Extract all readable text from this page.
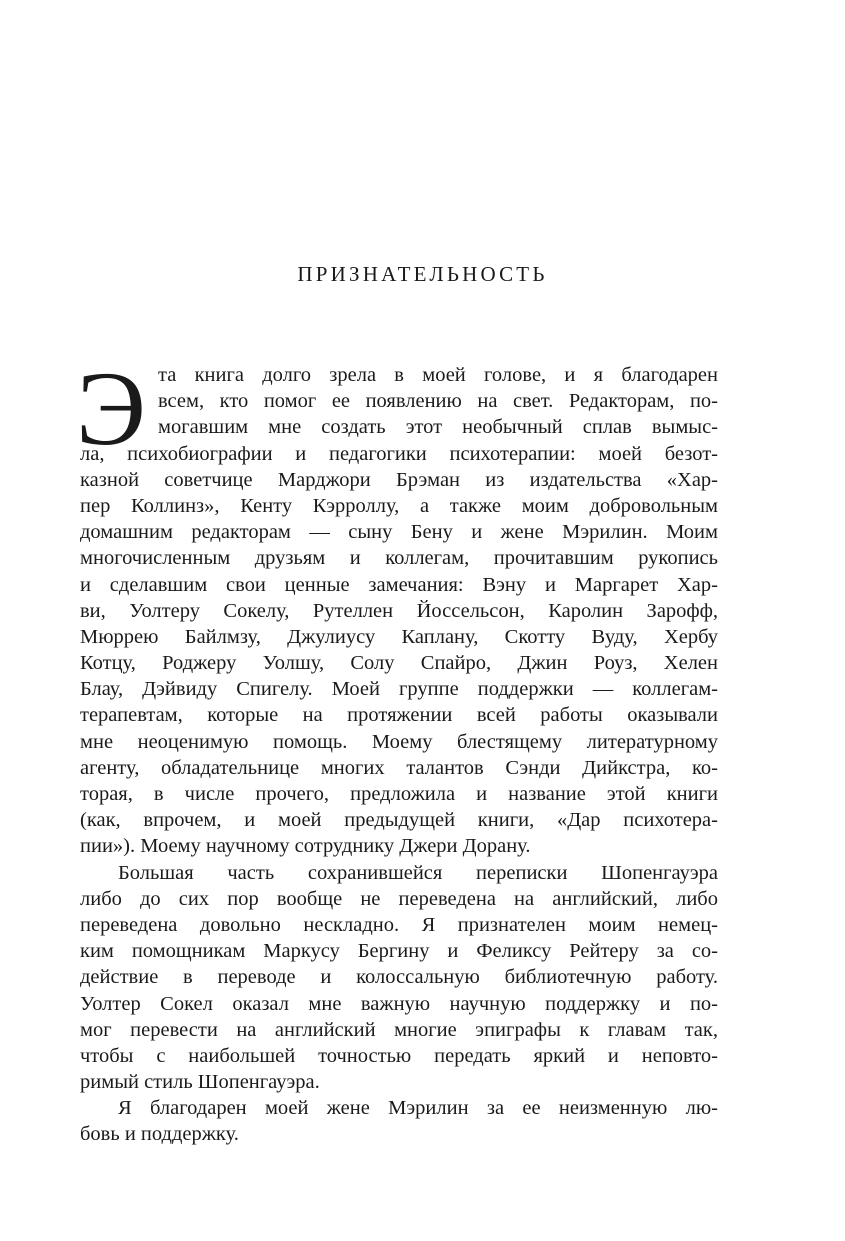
ПРИЗНАТЕЛЬНОСТЬ
Э та книга долго зрела в моей голове, и я благодарен
всем, кто помог ее появлению на свет. Редакторам, по-
могавшим мне создать этот необычный сплав вымыс-
ла, психобиографии и педагогики психотерапии: моей безот-
казной советчице Марджори Брэман из издательства «Хар-
пер Коллинз», Кенту Кэрроллу, а также моим добровольным
домашним редакторам — сыну Бену и жене Мэрилин. Моим
многочисленным друзьям и коллегам, прочитавшим рукопись
и сделавшим свои ценные замечания: Вэну и Маргарет Хар-
ви, Уолтеру Сокелу, Рутеллен Йоссельсон, Каролин Зарофф,
Мюррею Байлмзу, Джулиусу Каплану, Скотту Вуду, Хербу
Котцу, Роджеру Уолшу, Солу Спайро, Джин Роуз, Хелен
Блау, Дэйвиду Спигелу. Моей группе поддержки — коллегам-
терапевтам, которые на протяжении всей работы оказывали
мне неоценимую помощь. Моему блестящему литературному
агенту, обладательнице многих талантов Сэнди Дийкстра, ко-
торая, в числе прочего, предложила и название этой книги
(как, впрочем, и моей предыдущей книги, «Дар психотера-
пии»). Моему научному сотруднику Джери Дорану.
Большая часть сохранившейся переписки Шопенгауэра
либо до сих пор вообще не переведена на английский, либо
переведена довольно нескладно. Я признателен моим немец-
ким помощникам Маркусу Бергину и Феликсу Рейтеру за со-
действие в переводе и колоссальную библиотечную работу.
Уолтер Сокел оказал мне важную научную поддержку и по-
мог перевести на английский многие эпиграфы к главам так,
чтобы с наибольшей точностью передать яркий и неповто-
римый стиль Шопенгауэра.
Я благодарен моей жене Мэрилин за ее неизменную лю-
бовь и поддержку.
